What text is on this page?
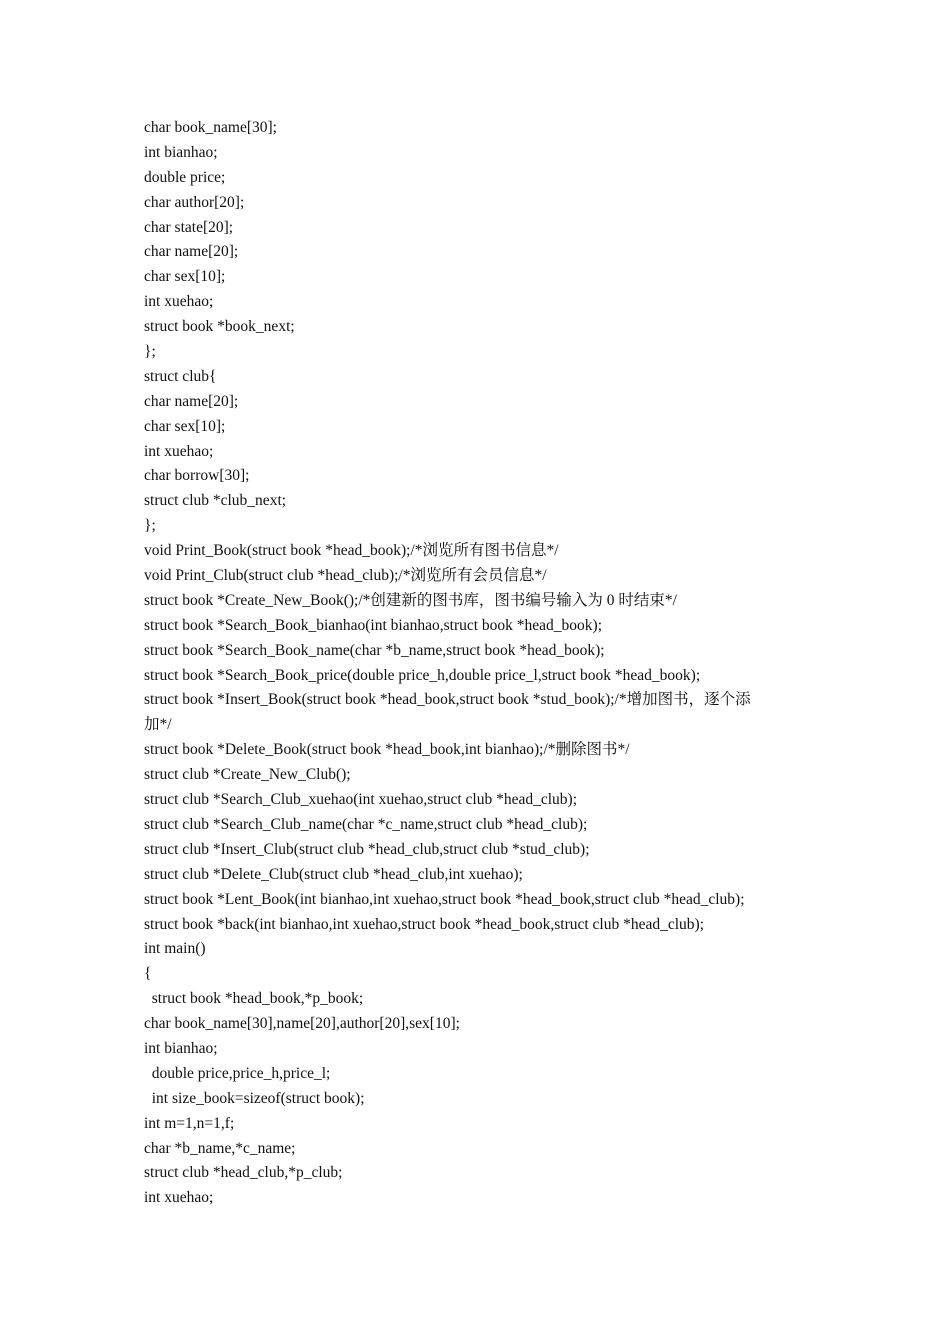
char book_name[30];
int bianhao;
double price;
char author[20];
char state[20];
char name[20];
char sex[10];
int xuehao;
struct book *book_next;
};
struct club{
char name[20];
char sex[10];
int xuehao;
char borrow[30];
struct club *club_next;
};
void Print_Book(struct book *head_book);/*浏览所有图书信息*/
void Print_Club(struct club *head_club);/*浏览所有会员信息*/
struct book *Create_New_Book();/*创建新的图书库，图书编号输入为 0 时结束*/
struct book *Search_Book_bianhao(int bianhao,struct book *head_book);
struct book *Search_Book_name(char *b_name,struct book *head_book);
struct book *Search_Book_price(double price_h,double price_l,struct book *head_book);
struct book *Insert_Book(struct book *head_book,struct book *stud_book);/*增加图书，逐个添
加*/
struct book *Delete_Book(struct book *head_book,int bianhao);/*删除图书*/
struct club *Create_New_Club();
struct club *Search_Club_xuehao(int xuehao,struct club *head_club);
struct club *Search_Club_name(char *c_name,struct club *head_club);
struct club *Insert_Club(struct club *head_club,struct club *stud_club);
struct club *Delete_Club(struct club *head_club,int xuehao);
struct book *Lent_Book(int bianhao,int xuehao,struct book *head_book,struct club *head_club);
struct book *back(int bianhao,int xuehao,struct book *head_book,struct club *head_club);
int main()
{
struct book *head_book,*p_book;
char book_name[30],name[20],author[20],sex[10];
int bianhao;
double price,price_h,price_l;
int size_book=sizeof(struct book);
int m=1,n=1,f;
char *b_name,*c_name;
struct club *head_club,*p_club;
int xuehao;
